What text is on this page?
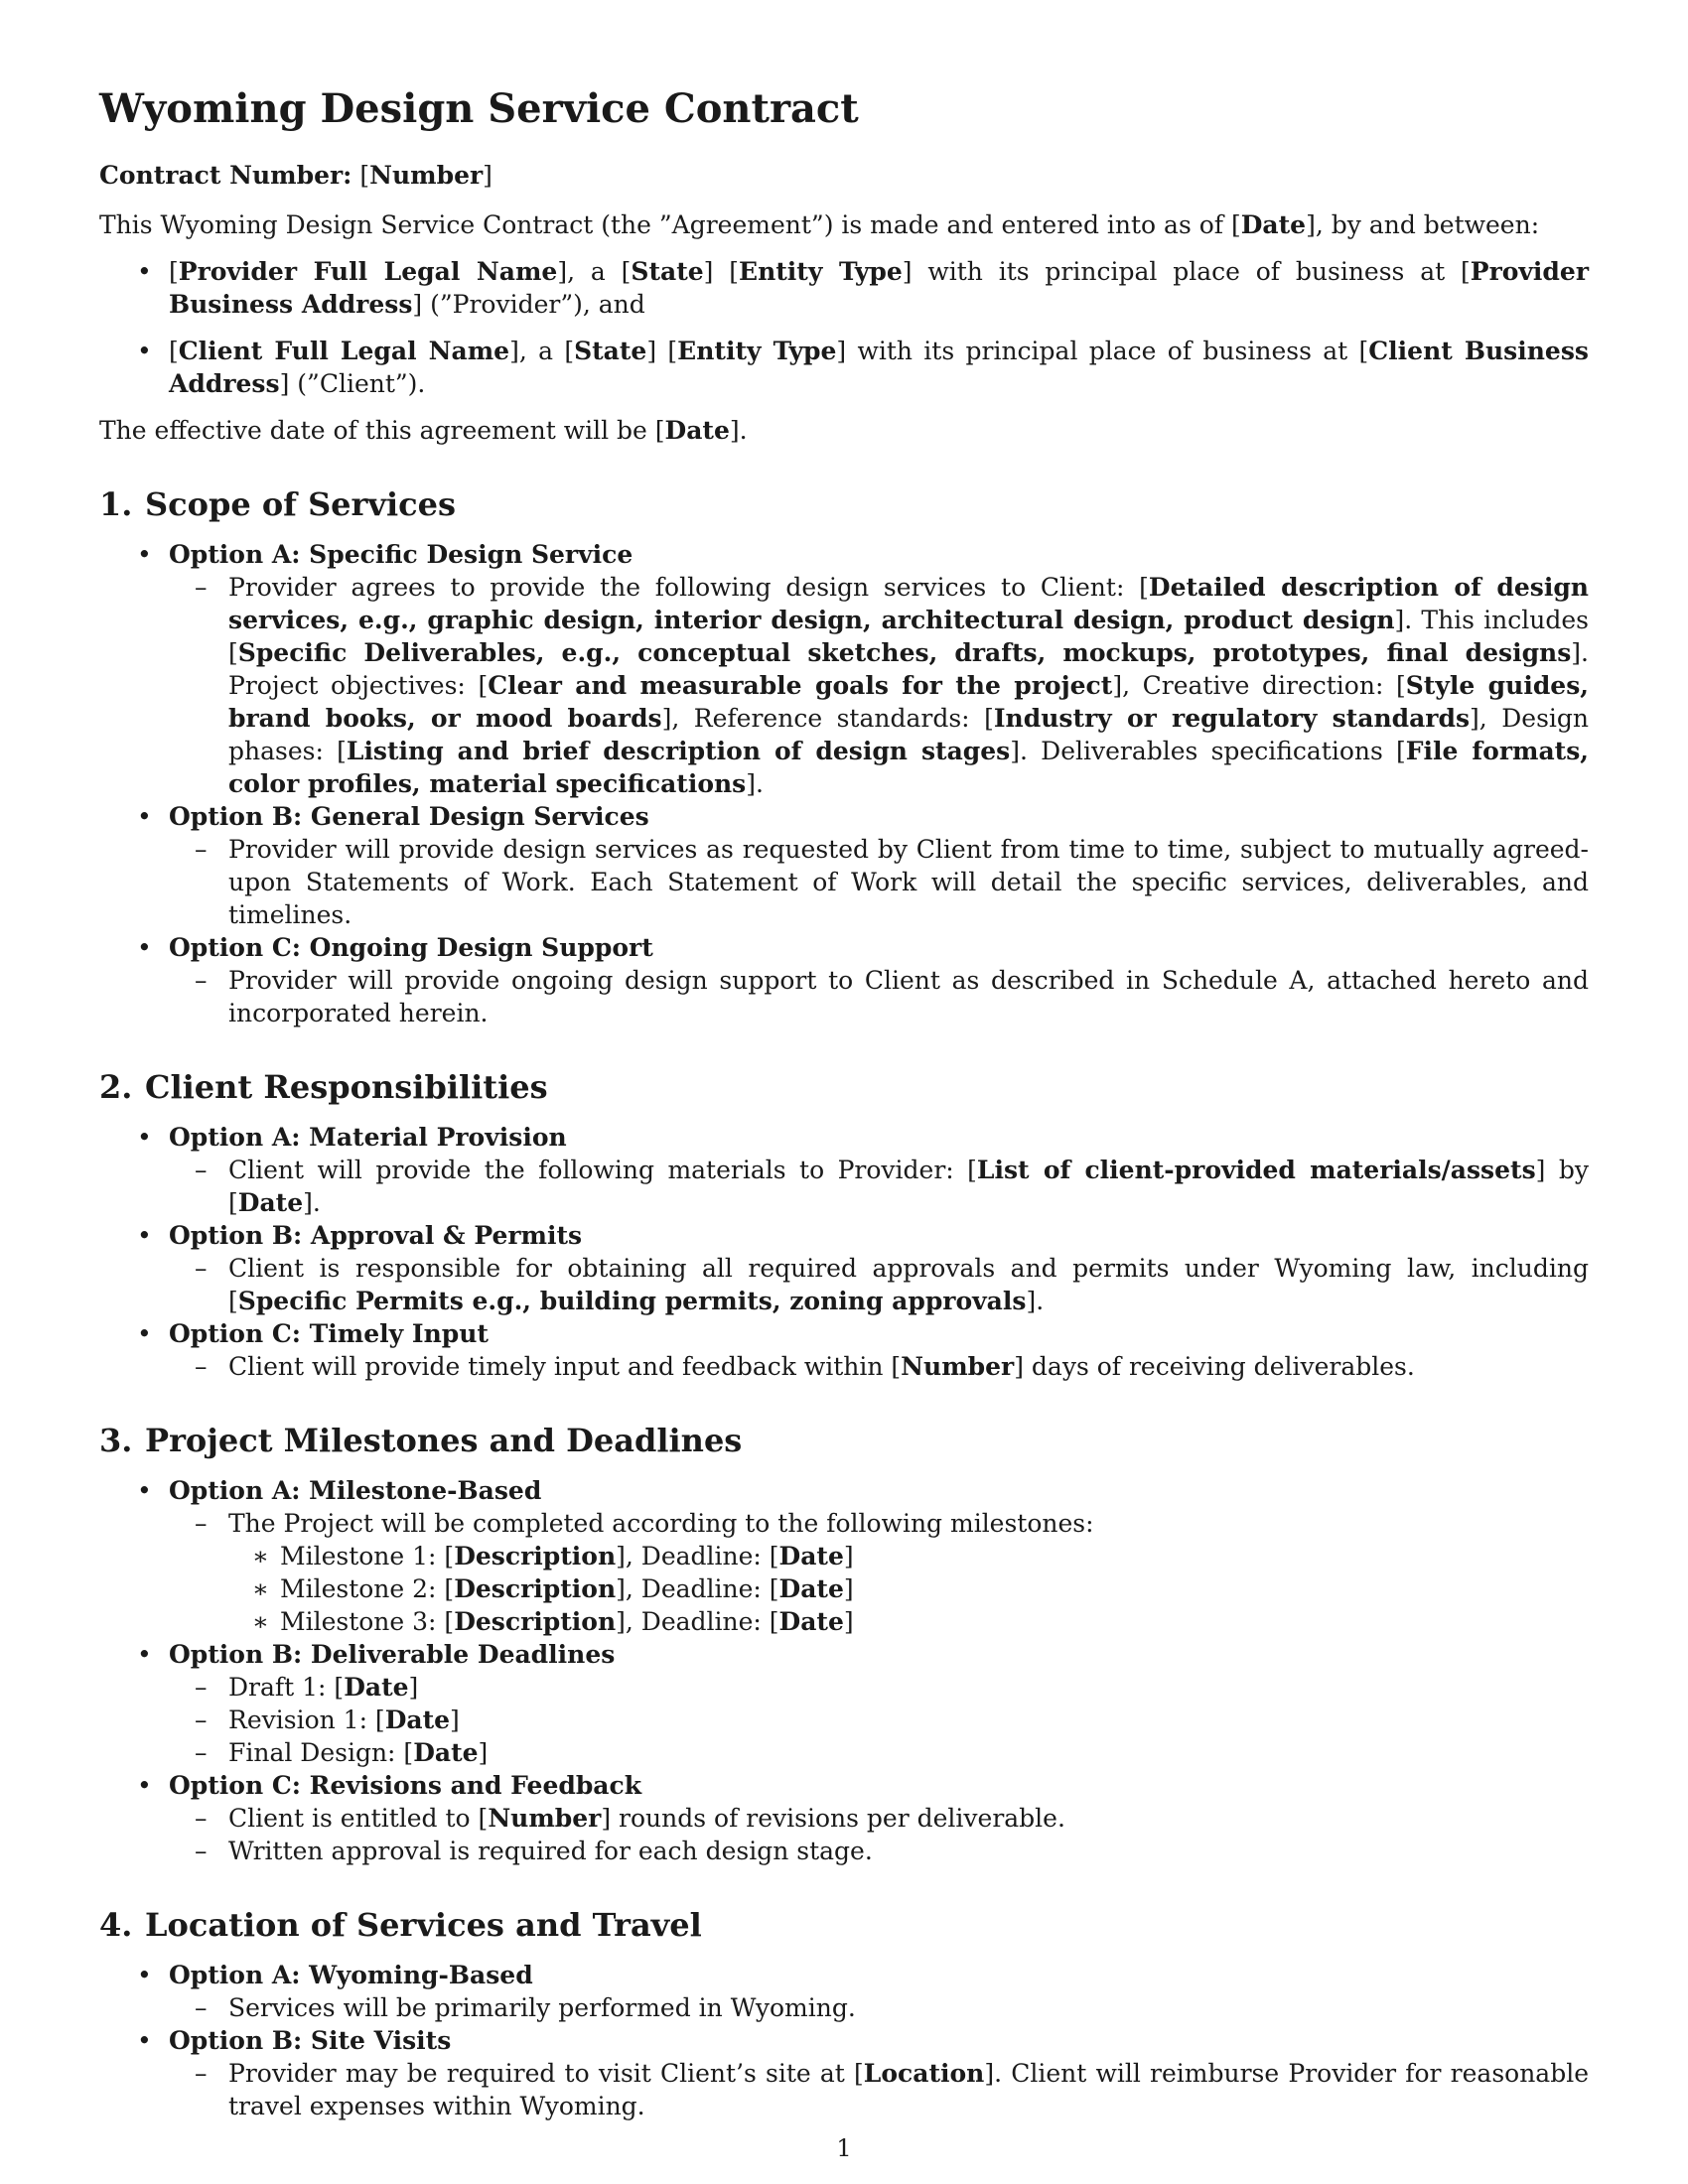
Wyoming Design Service Contract
Contract Number: [Number]

This Wyoming Design Service Contract (the ”Agreement”) is made and entered into as of [Date], by and between:

• [Provider Full Legal Name], a [State] [Entity Type] with its principal place of business at [Provider Business Address] (”Provider”), and
• [Client Full Legal Name], a [State] [Entity Type] with its principal place of business at [Client Business Address] (”Client”).

The effective date of this agreement will be [Date].

1. Scope of Services
• Option A: Specific Design Service
– Provider agrees to provide the following design services to Client: [Detailed description of design services, e.g., graphic design, interior design, architectural design, product design]. This includes [Specific Deliverables, e.g., conceptual sketches, drafts, mockups, prototypes, final designs]. Project objectives: [Clear and measurable goals for the project], Creative direction: [Style guides, brand books, or mood boards], Reference standards: [Industry or regulatory standards], Design phases: [Listing and brief description of design stages]. Deliverables specifications [File formats, color profiles, material specifications].
• Option B: General Design Services
– Provider will provide design services as requested by Client from time to time, subject to mutually agreed-upon Statements of Work. Each Statement of Work will detail the specific services, deliverables, and timelines.
• Option C: Ongoing Design Support
– Provider will provide ongoing design support to Client as described in Schedule A, attached hereto and incorporated herein.
2. Client Responsibilities
• Option A: Material Provision
– Client will provide the following materials to Provider: [List of client-provided materials/assets] by [Date].
• Option B: Approval & Permits
– Client is responsible for obtaining all required approvals and permits under Wyoming law, including [Specific Permits e.g., building permits, zoning approvals].
• Option C: Timely Input
– Client will provide timely input and feedback within [Number] days of receiving deliverables.
3. Project Milestones and Deadlines
• Option A: Milestone-Based
– The Project will be completed according to the following milestones:
∗ Milestone 1: [Description], Deadline: [Date]
∗ Milestone 2: [Description], Deadline: [Date]
∗ Milestone 3: [Description], Deadline: [Date]
• Option B: Deliverable Deadlines
– Draft 1: [Date]
– Revision 1: [Date]
– Final Design: [Date]
• Option C: Revisions and Feedback
– Client is entitled to [Number] rounds of revisions per deliverable.
– Written approval is required for each design stage.
4. Location of Services and Travel
• Option A: Wyoming-Based
– Services will be primarily performed in Wyoming.
• Option B: Site Visits
– Provider may be required to visit Client’s site at [Location]. Client will reimburse Provider for reasonable travel expenses within Wyoming.
1
